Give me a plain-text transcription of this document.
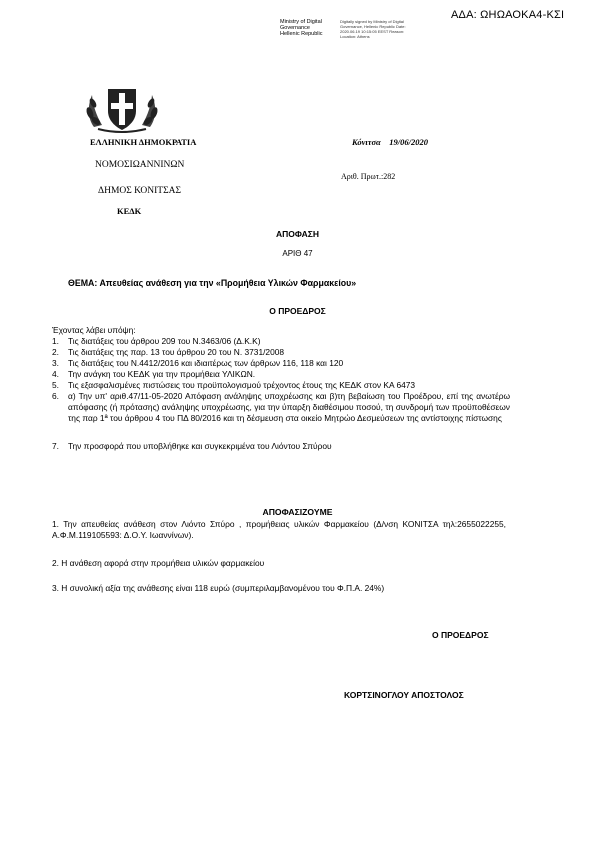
ΑΔΑ: ΩΗΩΑΟΚΑ4-ΚΣΙ
Ministry of Digital
Governance
Hellenic Republic
Digitally signed by Ministry of Digital Governance, Hellenic Republic Date: 2020.06.19 10:15:05 EEST Reason: Location: Athens
ΕΛΛΗΝΙΚΗ ΔΗΜΟΚΡΑΤΙΑ
ΝΟΜΟΣΙΩΑΝΝΙΝΩΝ
ΔΗΜΟΣ ΚΟΝΙΤΣΑΣ
ΚΕΔΚ
Κόνιτσα    19/06/2020
Αριθ. Πρωτ.:282
ΑΠΟΦΑΣΗ
ΑΡΙΘ 47
ΘΕΜΑ: Απευθείας ανάθεση για την «Προμήθεια Υλικών Φαρμακείου»
Ο ΠΡΟΕΔΡΟΣ
Έχοντας λάβει υπόψη:
1. Τις διατάξεις του άρθρου 209 του Ν.3463/06 (Δ.Κ.Κ)
2. Τις διατάξεις της παρ. 13 του άρθρου 20 του Ν. 3731/2008
3. Τις διατάξεις του Ν.4412/2016 και ιδιαιτέρως των άρθρων 116, 118 και 120
4. Την ανάγκη του ΚΕΔΚ για την προμήθεια ΥΛΙΚΩΝ.
5. Τις εξασφαλισμένες πιστώσεις του προϋπολογισμού τρέχοντος έτους της ΚΕΔΚ στον ΚΑ 6473
6. α) Την υπ' αριθ.47/11-05-2020 Απόφαση ανάληψης υποχρέωσης και β)τη βεβαίωση του Προέδρου, επί της ανωτέρω απόφασης (ή πρότασης) ανάληψης υποχρέωσης, για την ύπαρξη διαθέσιμου ποσού, τη συνδρομή των προϋποθέσεων της παρ 1ª του άρθρου 4 του ΠΔ 80/2016 και τη δέσμευση στα οικείο Μητρώο Δεσμεύσεων της αντίστοιχης πίστωσης
7. Την προσφορά που υποβλήθηκε και συγκεκριμένα του Λιόντου Σπύρου
ΑΠΟΦΑΣΙΖΟΥΜΕ
1. Την απευθείας ανάθεση στον Λιόντο Σπύρο , προμήθειας υλικών Φαρμακείου (Δ/νση ΚΟΝΙΤΣΑ τηλ:2655022255, Α.Φ.Μ.119105593: Δ.Ο.Υ. Ιωαννίνων).
2. Η ανάθεση αφορά στην προμήθεια υλικών φαρμακείου
3. Η συνολική αξία της ανάθεσης είναι 118 ευρώ (συμπεριλαμβανομένου του Φ.Π.Α. 24%)
Ο ΠΡΟΕΔΡΟΣ
ΚΟΡΤΣΙΝΟΓΛΟΥ ΑΠΟΣΤΟΛΟΣ
